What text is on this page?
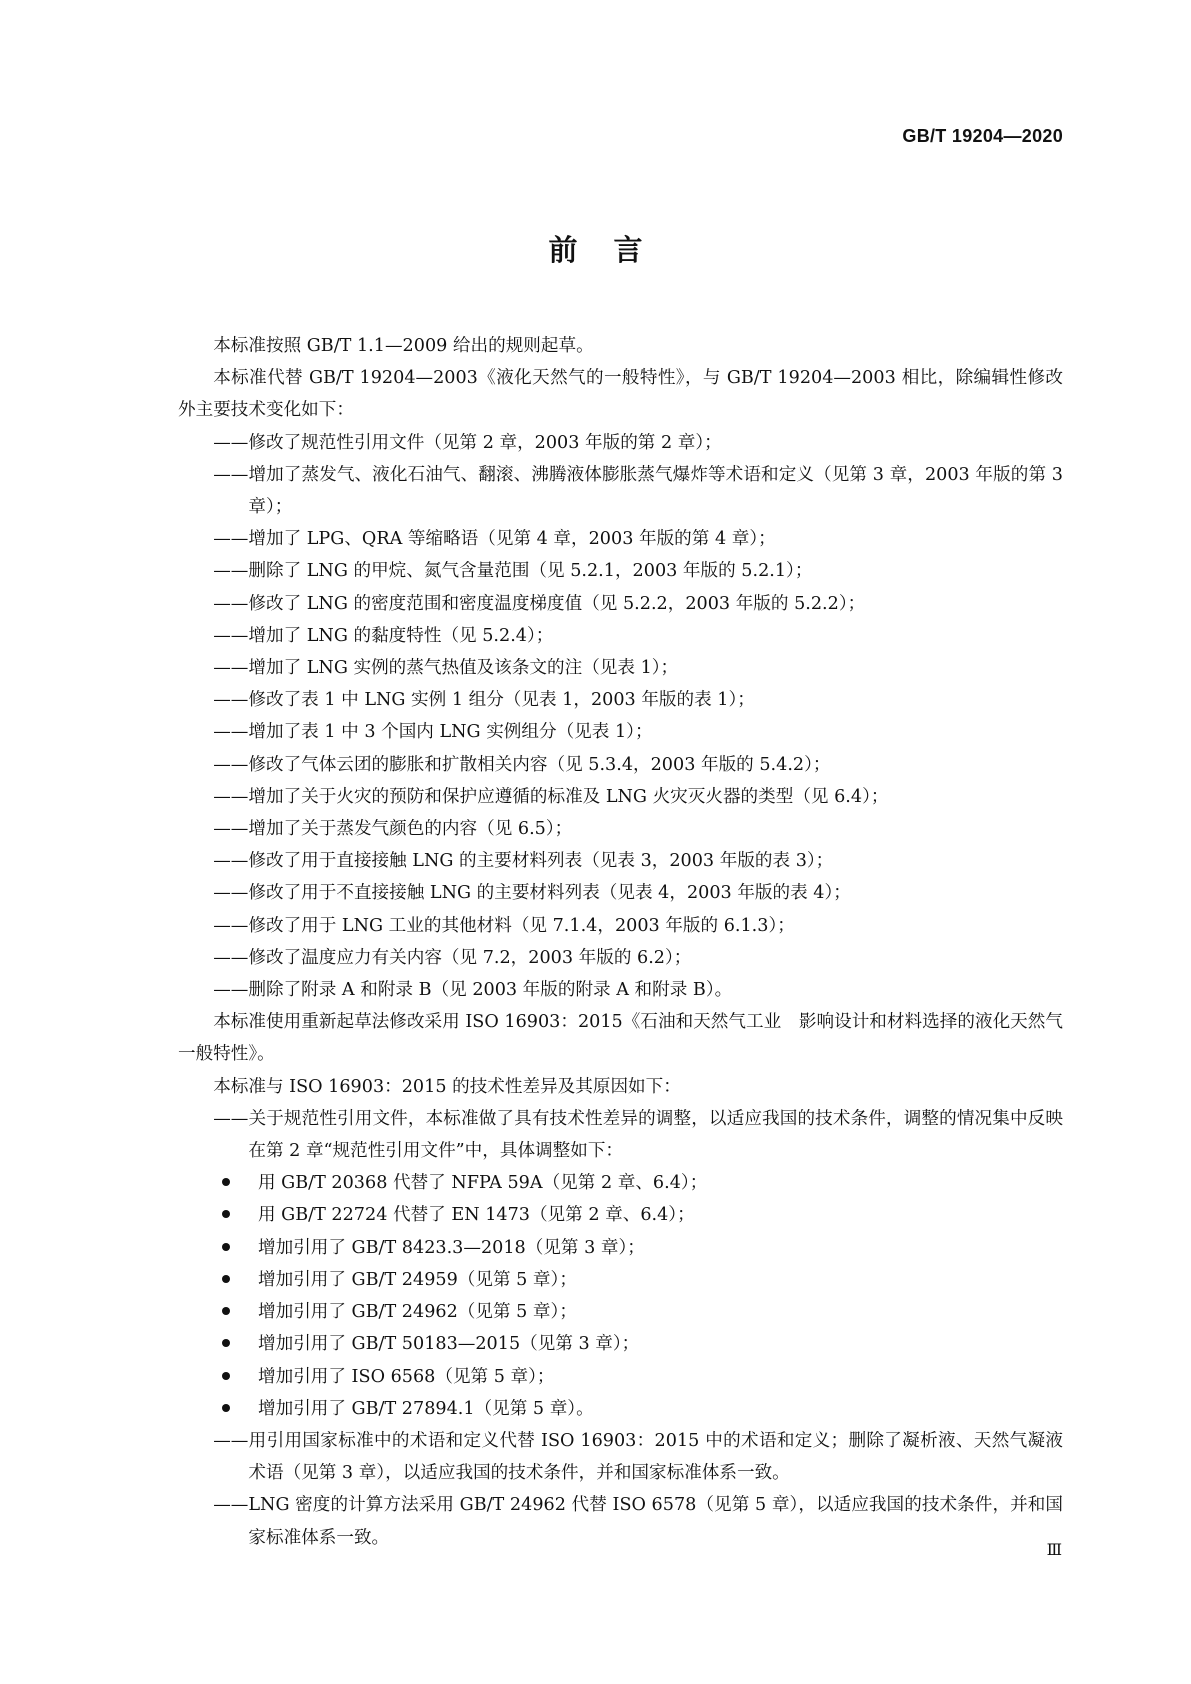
GB/T 19204—2020

前言

本标准按照 GB/T 1.1—2009 给出的规则起草。

本标准代替 GB/T 19204—2003《液化天然气的一般特性》，与 GB/T 19204—2003 相比，除编辑性修改外主要技术变化如下：

——修改了规范性引用文件（见第 2 章，2003 年版的第 2 章）；

——增加了蒸发气、液化石油气、翻滚、沸腾液体膨胀蒸气爆炸等术语和定义（见第 3 章，2003 年版的第 3 章）；

——增加了 LPG、QRA 等缩略语（见第 4 章，2003 年版的第 4 章）；

——删除了 LNG 的甲烷、氮气含量范围（见 5.2.1，2003 年版的 5.2.1）；

——修改了 LNG 的密度范围和密度温度梯度值（见 5.2.2，2003 年版的 5.2.2）；

——增加了 LNG 的黏度特性（见 5.2.4）；

——增加了 LNG 实例的蒸气热值及该条文的注（见表 1）；

——修改了表 1 中 LNG 实例 1 组分（见表 1，2003 年版的表 1）；

——增加了表 1 中 3 个国内 LNG 实例组分（见表 1）；

——修改了气体云团的膨胀和扩散相关内容（见 5.3.4，2003 年版的 5.4.2）；

——增加了关于火灾的预防和保护应遵循的标准及 LNG 火灾灭火器的类型（见 6.4）；

——增加了关于蒸发气颜色的内容（见 6.5）；

——修改了用于直接接触 LNG 的主要材料列表（见表 3，2003 年版的表 3）；

——修改了用于不直接接触 LNG 的主要材料列表（见表 4，2003 年版的表 4）；

——修改了用于 LNG 工业的其他材料（见 7.1.4，2003 年版的 6.1.3）；

——修改了温度应力有关内容（见 7.2，2003 年版的 6.2）；

——删除了附录 A 和附录 B（见 2003 年版的附录 A 和附录 B）。

本标准使用重新起草法修改采用 ISO 16903：2015《石油和天然气工业　影响设计和材料选择的液化天然气一般特性》。

本标准与 ISO 16903：2015 的技术性差异及其原因如下：

——关于规范性引用文件，本标准做了具有技术性差异的调整，以适应我国的技术条件，调整的情况集中反映在第 2 章“规范性引用文件”中，具体调整如下：

用 GB/T 20368 代替了 NFPA 59A（见第 2 章、6.4）；

用 GB/T 22724 代替了 EN 1473（见第 2 章、6.4）；

增加引用了 GB/T 8423.3—2018（见第 3 章）；

增加引用了 GB/T 24959（见第 5 章）；

增加引用了 GB/T 24962（见第 5 章）；

增加引用了 GB/T 50183—2015（见第 3 章）；

增加引用了 ISO 6568（见第 5 章）；

增加引用了 GB/T 27894.1（见第 5 章）。

——用引用国家标准中的术语和定义代替 ISO 16903：2015 中的术语和定义；删除了凝析液、天然气凝液术语（见第 3 章），以适应我国的技术条件，并和国家标准体系一致。

——LNG 密度的计算方法采用 GB/T 24962 代替 ISO 6578（见第 5 章），以适应我国的技术条件，并和国家标准体系一致。

Ⅲ
